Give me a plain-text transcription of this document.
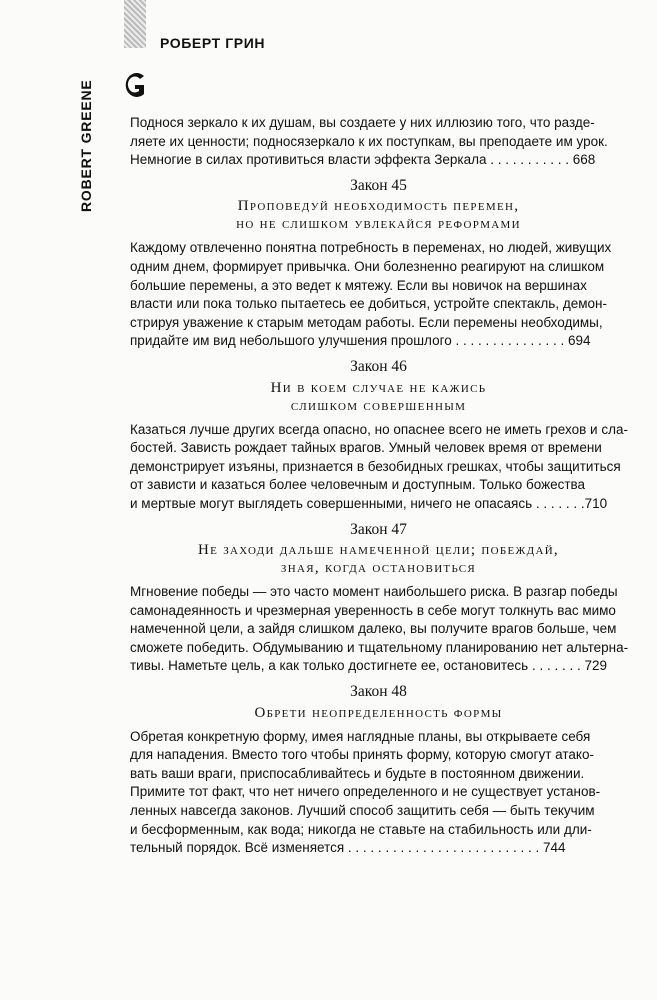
РОБЕРТ ГРИН
ROBERT GREENE	Поднося зеркало к их душам, вы создаете у них иллюзию того, что разде-
ляете их ценности; подносязеркало к их поступкам, вы преподаете им урок.
Немногие в силах противиться власти эффекта Зеркала . . . . . . . . . . . 668

Закон 45
Проповедуй необходимость перемен,
но не слишком увлекайся реформами

Каждому отвлеченно понятна потребность в переменах, но людей, живущих
одним днем, формирует привычка. Они болезненно реагируют на слишком
большие перемены, а это ведет к мятежу. Если вы новичок на вершинах
власти или пока только пытаетесь ее добиться, устройте спектакль, демон-
стрируя уважение к старым методам работы. Если перемены необходимы,
придайте им вид небольшого улучшения прошлого . . . . . . . . . . . . . . . 694

Закон 46
Ни в коем случае не кажись
слишком совершенным

Казаться лучше других всегда опасно, но опаснее всего не иметь грехов и сла-
бостей. Зависть рождает тайных врагов. Умный человек время от времени
демонстрирует изъяны, признается в безобидных грешках, чтобы защититься
от зависти и казаться более человечным и доступным. Только божества
и мертвые могут выглядеть совершенными, ничего не опасаясь . . . . . . .710

Закон 47
Не заходи дальше намеченной цели; побеждай,
зная, когда остановиться

Мгновение победы — это часто момент наибольшего риска. В разгар победы
самонадеянность и чрезмерная уверенность в себе могут толкнуть вас мимо
намеченной цели, а зайдя слишком далеко, вы получите врагов больше, чем
сможете победить. Обдумыванию и тщательному планированию нет альтерна-
тивы. Наметьте цель, а как только достигнете ее, остановитесь . . . . . . . 729

Закон 48
Обрети неопределенность формы

Обретая конкретную форму, имея наглядные планы, вы открываете себя
для нападения. Вместо того чтобы принять форму, которую смогут атако-
вать ваши враги, приспосабливайтесь и будьте в постоянном движении.
Примите тот факт, что нет ничего определенного и не существует установ-
ленных навсегда законов. Лучший способ защитить себя — быть текучим
и бесформенным, как вода; никогда не ставьте на стабильность или дли-
тельный порядок. Всё изменяется . . . . . . . . . . . . . . . . . . . . . . . . . . 744
